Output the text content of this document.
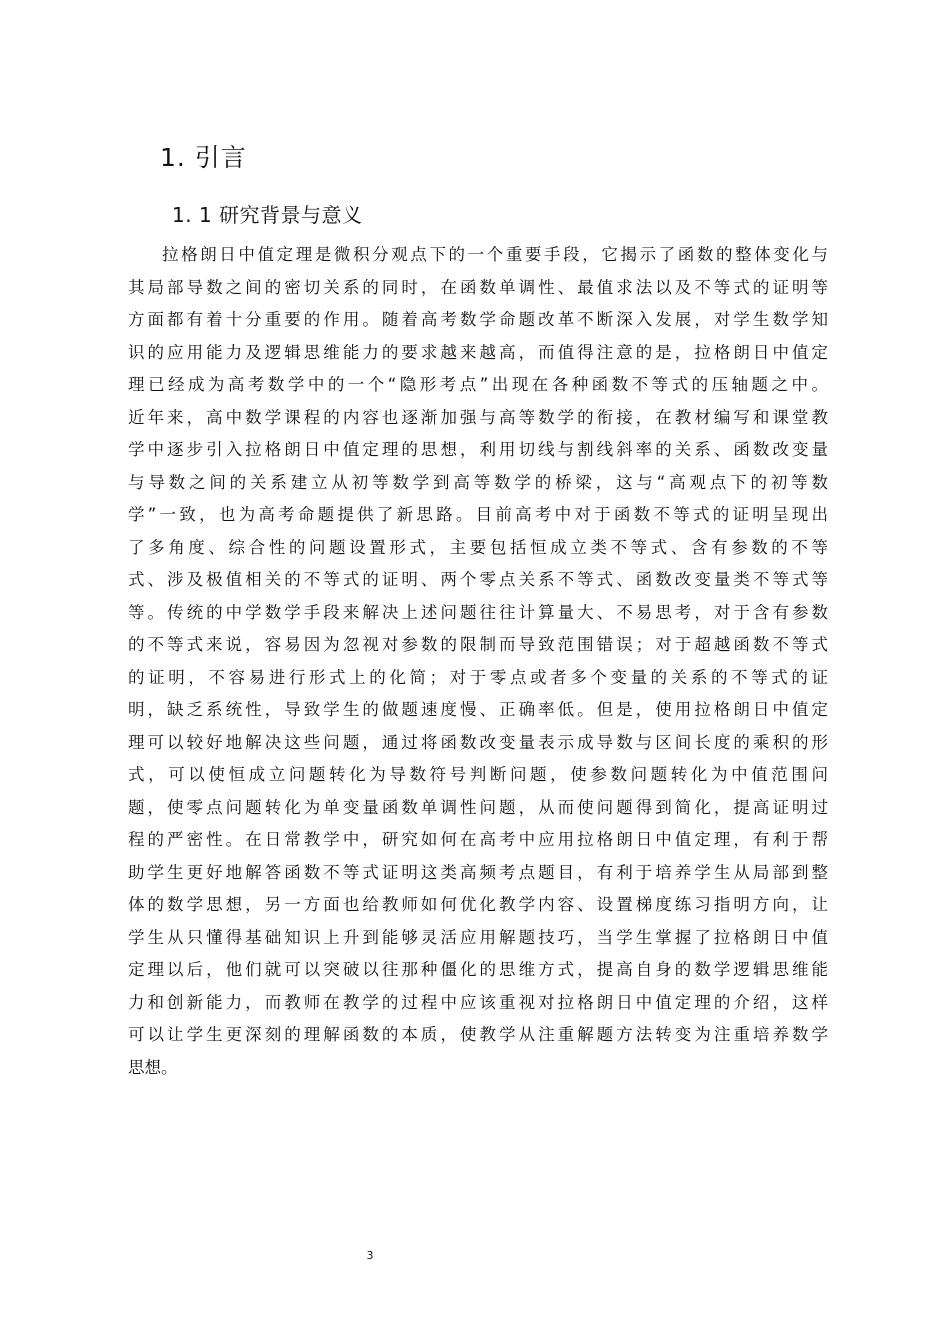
1. 引言
1. 1 研究背景与意义
拉格朗日中值定理是微积分观点下的一个重要手段，它揭示了函数的整体变化与
其局部导数之间的密切关系的同时，在函数单调性、最值求法以及不等式的证明等
方面都有着十分重要的作用。随着高考数学命题改革不断深入发展，对学生数学知
识的应用能力及逻辑思维能力的要求越来越高，而值得注意的是，拉格朗日中值定
理已经成为高考数学中的一个“隐形考点”出现在各种函数不等式的压轴题之中。
近年来，高中数学课程的内容也逐渐加强与高等数学的衔接，在教材编写和课堂教
学中逐步引入拉格朗日中值定理的思想，利用切线与割线斜率的关系、函数改变量
与导数之间的关系建立从初等数学到高等数学的桥梁，这与“高观点下的初等数
学”一致，也为高考命题提供了新思路。目前高考中对于函数不等式的证明呈现出
了多角度、综合性的问题设置形式，主要包括恒成立类不等式、含有参数的不等
式、涉及极值相关的不等式的证明、两个零点关系不等式、函数改变量类不等式等
等。传统的中学数学手段来解决上述问题往往计算量大、不易思考，对于含有参数
的不等式来说，容易因为忽视对参数的限制而导致范围错误；对于超越函数不等式
的证明，不容易进行形式上的化简；对于零点或者多个变量的关系的不等式的证
明，缺乏系统性，导致学生的做题速度慢、正确率低。但是，使用拉格朗日中值定
理可以较好地解决这些问题，通过将函数改变量表示成导数与区间长度的乘积的形
式，可以使恒成立问题转化为导数符号判断问题，使参数问题转化为中值范围问
题，使零点问题转化为单变量函数单调性问题，从而使问题得到简化，提高证明过
程的严密性。在日常教学中，研究如何在高考中应用拉格朗日中值定理，有利于帮
助学生更好地解答函数不等式证明这类高频考点题目，有利于培养学生从局部到整
体的数学思想，另一方面也给教师如何优化教学内容、设置梯度练习指明方向，让
学生从只懂得基础知识上升到能够灵活应用解题技巧，当学生掌握了拉格朗日中值
定理以后，他们就可以突破以往那种僵化的思维方式，提高自身的数学逻辑思维能
力和创新能力，而教师在教学的过程中应该重视对拉格朗日中值定理的介绍，这样
可以让学生更深刻的理解函数的本质，使教学从注重解题方法转变为注重培养数学
思想。
3
